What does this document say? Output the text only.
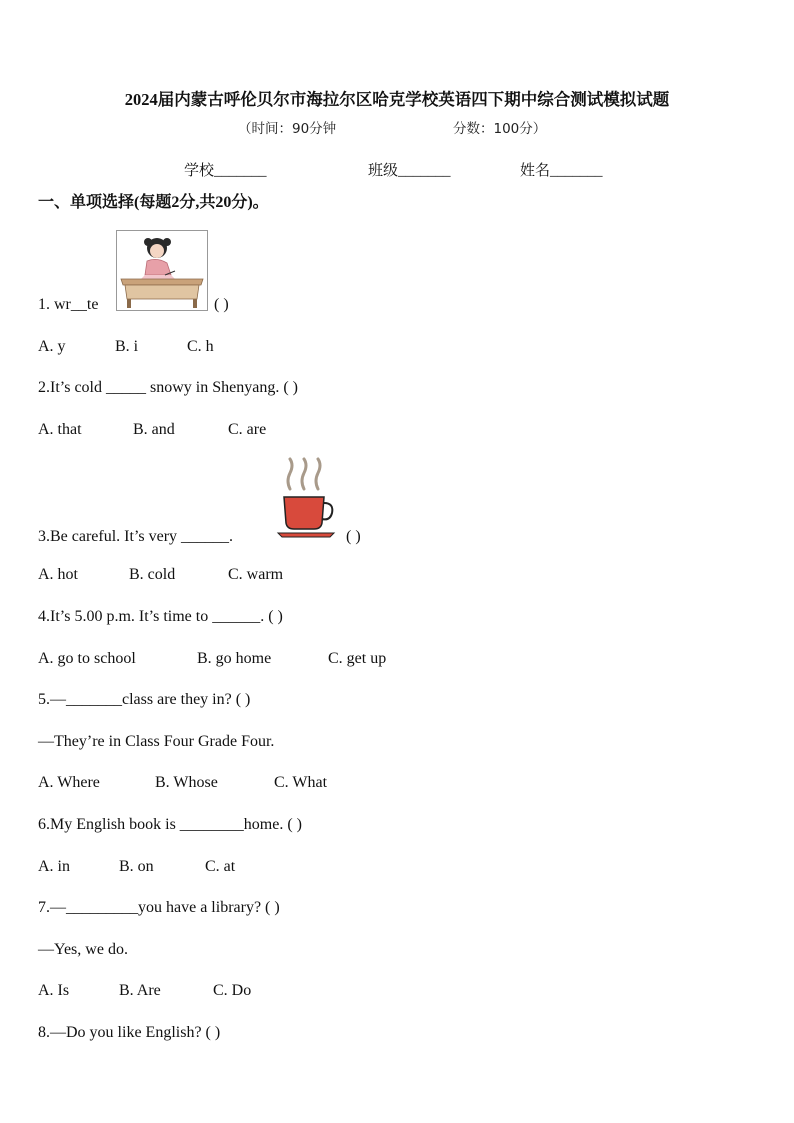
2024届内蒙古呼伦贝尔市海拉尔区哈克学校英语四下期中综合测试模拟试题
（时间：90分钟	分数：100分）
学校_______	班级_______	姓名_______
一、单项选择(每题2分,共20分)。
1. wr__te	( )
A. y	B. i	C. h
2.It’s cold _____ snowy in Shenyang. ( )
A. that	B. and	C. are
3.Be careful. It’s very ______.	( )
A. hot	B. cold	C. warm
4.It’s 5.00 p.m. It’s time to ______. ( )
A. go to school	B. go home	C. get up
5.—_______class are they in? ( )
—They’re in Class Four Grade Four.
A. Where	B. Whose	C. What
6.My English book is ________home. ( )
A. in	B. on	C. at
7.—_________you have a library? ( )
—Yes, we do.
A. Is	B. Are	C. Do
8.—Do you like English? ( )
